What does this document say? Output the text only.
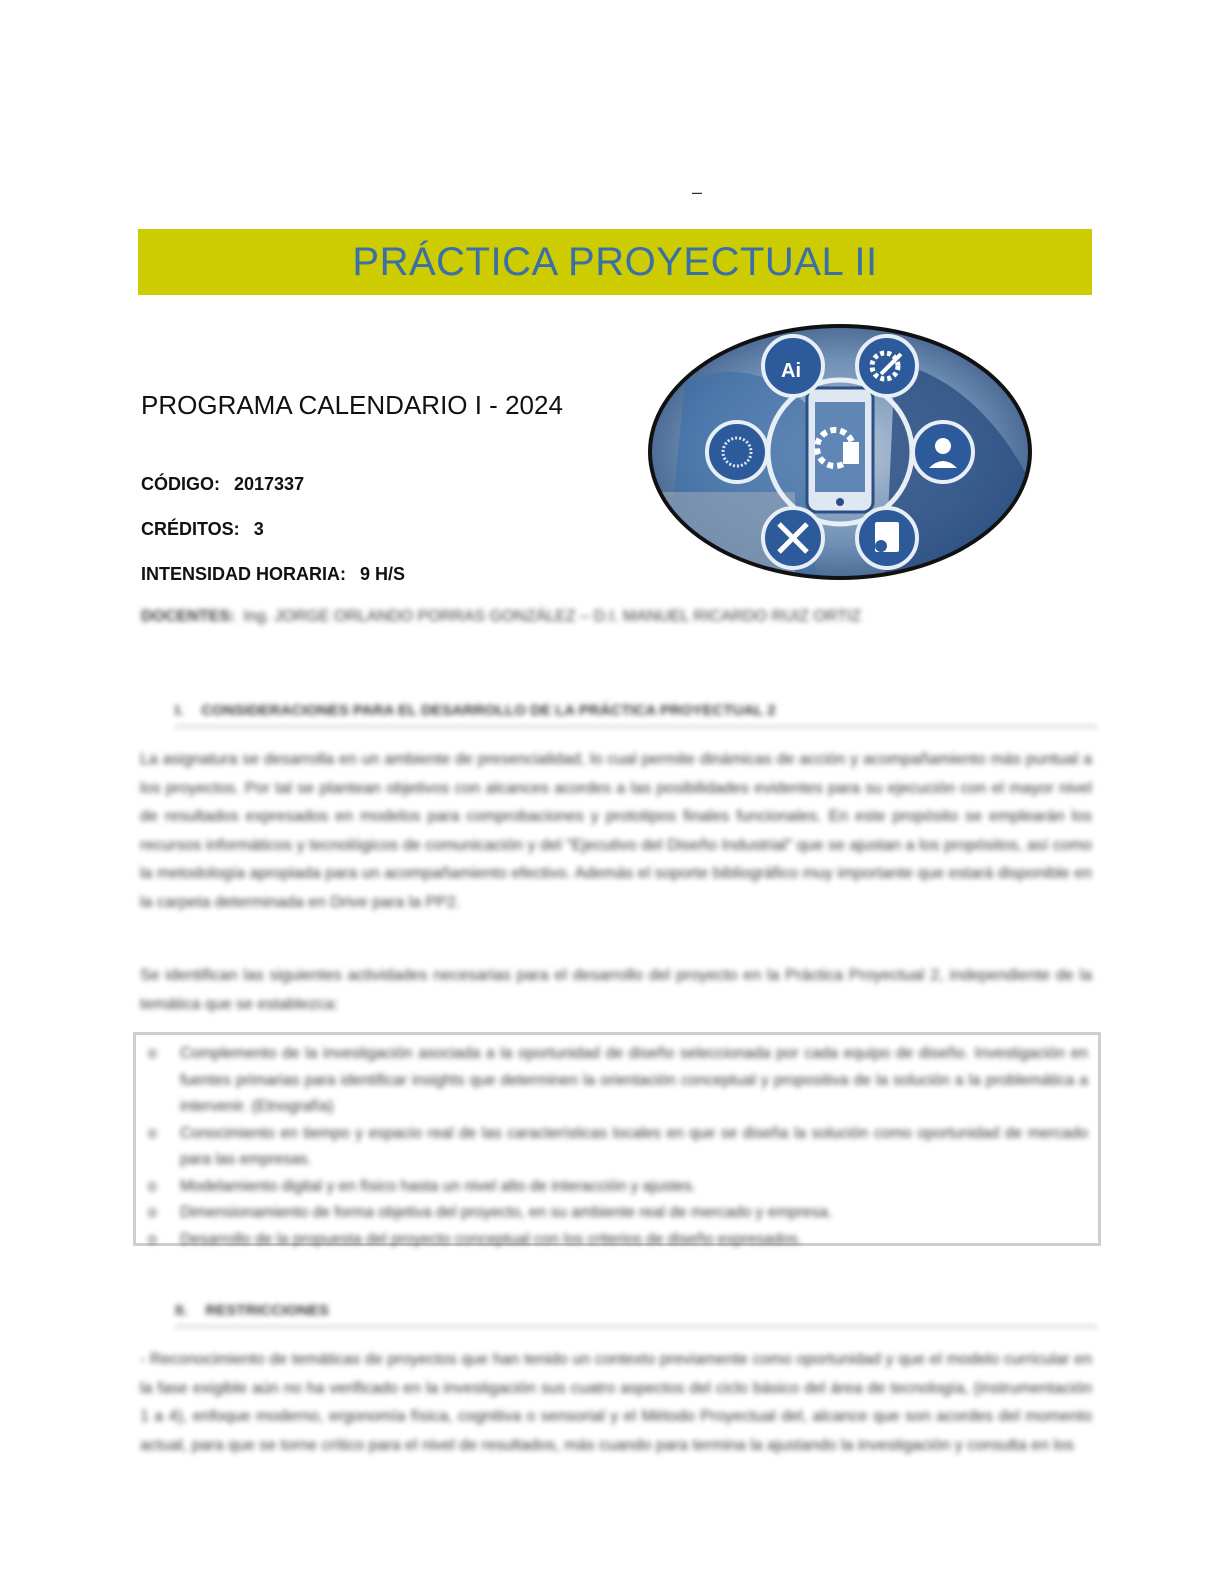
–
PRÁCTICA PROYECTUAL II
PROGRAMA CALENDARIO I - 2024
CÓDIGO: 2017337
CRÉDITOS: 3
INTENSIDAD HORARIA: 9 H/S
Ai
DOCENTES: Ing. JORGE ORLANDO PORRAS GONZÁLEZ – D.I. MANUEL RICARDO RUIZ ORTIZ
I. CONSIDERACIONES PARA EL DESARROLLO DE LA PRÁCTICA PROYECTUAL 2

La asignatura se desarrolla en un ambiente de presencialidad, lo cual permite dinámicas de acción y acompañamiento más puntual a los proyectos. Por tal se plantean objetivos con alcances acordes a las posibilidades evidentes para su ejecución con el mayor nivel de resultados expresados en modelos para comprobaciones y prototipos finales funcionales. En este propósito se emplearán los recursos informáticos y tecnológicos de comunicación y del "Ejecutivo del Diseño Industrial" que se ajustan a los propósitos, así como la metodología apropiada para un acompañamiento efectivo. Además el soporte bibliográfico muy importante que estará disponible en la carpeta determinada en Drive para la PP2.

Se identifican las siguientes actividades necesarias para el desarrollo del proyecto en la Práctica Proyectual 2, independiente de la temática que se establezca:

o Complemento de la investigación asociada a la oportunidad de diseño seleccionada por cada equipo de diseño. Investigación en fuentes primarias para identificar insights que determinen la orientación conceptual y propositiva de la solución a la problemática a intervenir. (Etnografía)
o Conocimiento en tiempo y espacio real de las características locales en que se diseña la solución como oportunidad de mercado para las empresas.
o Modelamiento digital y en físico hasta un nivel alto de interacción y ajustes.
o Dimensionamiento de forma objetiva del proyecto, en su ambiente real de mercado y empresa.
o Desarrollo de la propuesta del proyecto conceptual con los criterios de diseño expresados.
II. RESTRICCIONES

- Reconocimiento de temáticas de proyectos que han tenido un contexto previamente como oportunidad y que el modelo curricular en la fase exigible aún no ha verificado en la investigación sus cuatro aspectos del ciclo básico del área de tecnología, (instrumentación 1 a 4), enfoque moderno, ergonomía física, cognitiva o sensorial y el Método Proyectual del, alcance que son acordes del momento actual, para que se torne crítico para el nivel de resultados, más cuando para termina la ajustando la investigación y consulta en los
